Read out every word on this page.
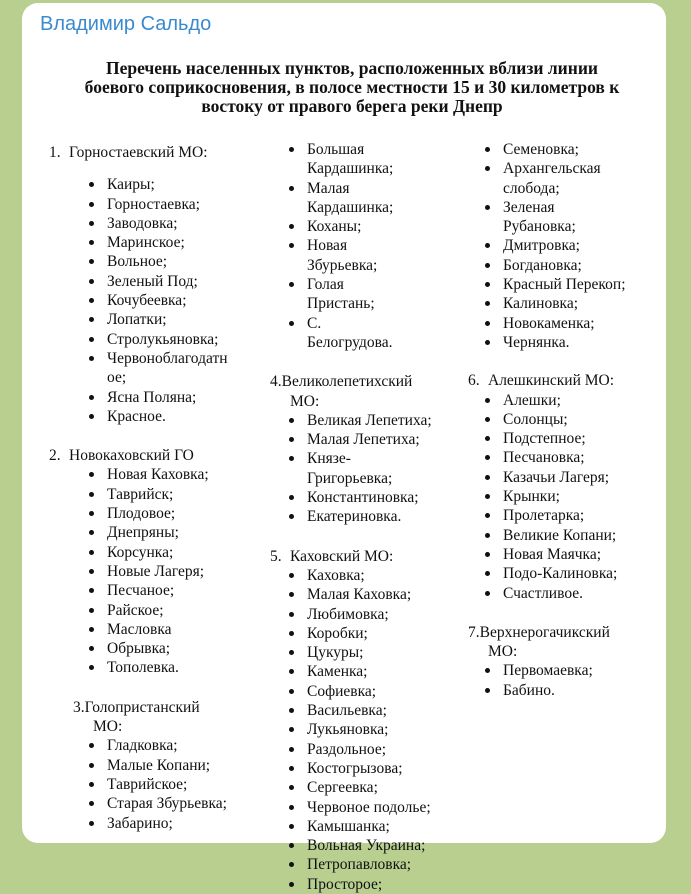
Владимир Сальдо
Перечень населенных пунктов, расположенных вблизи линии
боевого соприкосновения, в полосе местности 15 и 30 километров к
востоку от правого берега реки Днепр
1. Горностаевский МО:
Каиры;
Горностаевка;
Заводовка;
Маринское;
Вольное;
Зеленый Под;
Кочубеевка;
Лопатки;
Стролукьяновка;
Червоноблагодатн ое;
Ясна Поляна;
Красное.
2. Новокаховский ГО
Новая Каховка;
Таврийск;
Плодовое;
Днепряны;
Корсунка;
Новые Лагеря;
Песчаное;
Райское;
Масловка
Обрывка;
Тополевка.
3.Голопристанский МО:
Гладковка;
Малые Копани;
Таврийское;
Старая Збурьевка;
Забарино;
Большая Кардашинка;
Малая Кардашинка;
Коханы;
Новая Збурьевка;
Голая Пристань;
С. Белогрудова.
4.Великолепетихский МО:
Великая Лепетиха;
Малая Лепетиха;
Князе-Григорьевка;
Константиновка;
Екатериновка.
5. Каховский МО:
Каховка;
Малая Каховка;
Любимовка;
Коробки;
Цукуры;
Каменка;
Софиевка;
Васильевка;
Лукьяновка;
Раздольное;
Костогрызова;
Сергеевка;
Червоное подолье;
Камышанка;
Вольная Украина;
Петропавловка;
Просторое;
Семеновка;
Архангельская слобода;
Зеленая Рубановка;
Дмитровка;
Богдановка;
Красный Перекоп;
Калиновка;
Новокаменка;
Чернянка.
6. Алешкинский МО:
Алешки;
Солонцы;
Подстепное;
Песчановка;
Казачьи Лагеря;
Крынки;
Пролетарка;
Великие Копани;
Новая Маячка;
Подо-Калиновка;
Счастливое.
7.Верхнерогачикский МО:
Первомаевка;
Бабино.
